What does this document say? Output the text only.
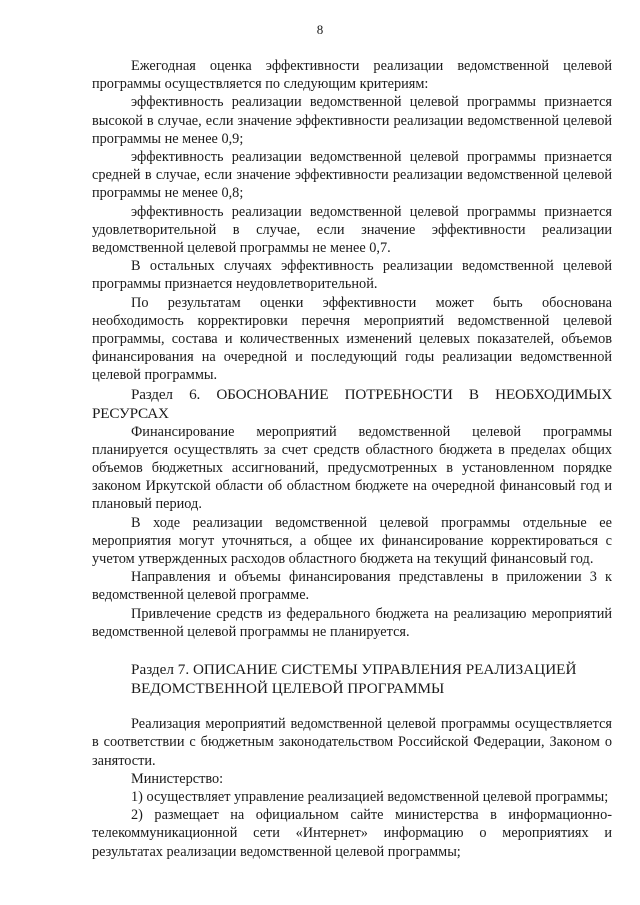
8

Ежегодная оценка эффективности реализации ведомственной целевой программы осуществляется по следующим критериям:

эффективность реализации ведомственной целевой программы признается высокой в случае, если значение эффективности реализации ведомственной целевой программы не менее 0,9;

эффективность реализации ведомственной целевой программы признается средней в случае, если значение эффективности реализации ведомственной целевой программы не менее 0,8;

эффективность реализации ведомственной целевой программы признается удовлетворительной в случае, если значение эффективности реализации ведомственной целевой программы не менее 0,7.

В остальных случаях эффективность реализации ведомственной целевой программы признается неудовлетворительной.

По результатам оценки эффективности может быть обоснована необходимость корректировки перечня мероприятий ведомственной целевой программы, состава и количественных изменений целевых показателей, объемов финансирования на очередной и последующий годы реализации ведомственной целевой программы.

Раздел 6. ОБОСНОВАНИЕ ПОТРЕБНОСТИ В НЕОБХОДИМЫХ РЕСУРСАХ

Финансирование мероприятий ведомственной целевой программы планируется осуществлять за счет средств областного бюджета в пределах общих объемов бюджетных ассигнований, предусмотренных в установленном порядке законом Иркутской области об областном бюджете на очередной финансовый год и плановый период.

В ходе реализации ведомственной целевой программы отдельные ее мероприятия могут уточняться, а общее их финансирование корректироваться с учетом утвержденных расходов областного бюджета на текущий финансовый год.

Направления и объемы финансирования представлены в приложении 3 к ведомственной целевой программе.

Привлечение средств из федерального бюджета на реализацию мероприятий ведомственной целевой программы не планируется.

Раздел 7. ОПИСАНИЕ СИСТЕМЫ УПРАВЛЕНИЯ РЕАЛИЗАЦИЕЙ

ВЕДОМСТВЕННОЙ ЦЕЛЕВОЙ ПРОГРАММЫ

Реализация мероприятий ведомственной целевой программы осуществляется в соответствии с бюджетным законодательством Российской Федерации, Законом о занятости.

Министерство:

1) осуществляет управление реализацией ведомственной целевой программы;

2) размещает на официальном сайте министерства в информационно-телекоммуникационной сети «Интернет» информацию о мероприятиях и результатах реализации ведомственной целевой программы;
